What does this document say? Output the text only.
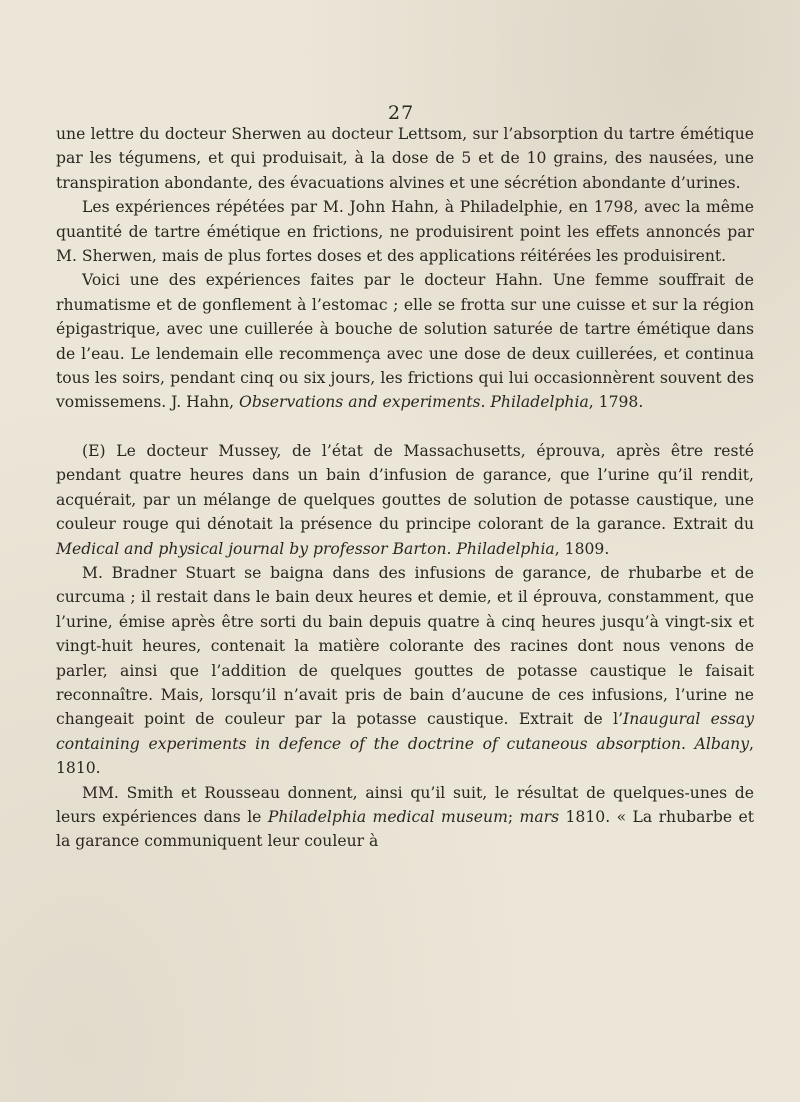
27

une lettre du docteur Sherwen au docteur Lettsom, sur l’absorption du tartre émétique par les tégumens, et qui produisait, à la dose de 5 et de 10 grains, des nausées, une transpiration abondante, des évacuations alvines et une sécrétion abondante d’urines.

Les expériences répétées par M. John Hahn, à Philadelphie, en 1798, avec la même quantité de tartre émétique en frictions, ne produisirent point les effets annoncés par M. Sherwen, mais de plus fortes doses et des applications réitérées les produisirent.

Voici une des expériences faites par le docteur Hahn. Une femme souffrait de rhumatisme et de gonflement à l’estomac ; elle se frotta sur une cuisse et sur la région épigastrique, avec une cuillerée à bouche de solution saturée de tartre émétique dans de l’eau. Le lendemain elle recommença avec une dose de deux cuillerées, et continua tous les soirs, pendant cinq ou six jours, les frictions qui lui occasionnèrent souvent des vomissemens. J. Hahn, Observations and experiments. Philadelphia, 1798.

(E) Le docteur Mussey, de l’état de Massachusetts, éprouva, après être resté pendant quatre heures dans un bain d’infusion de garance, que l’urine qu’il rendit, acquérait, par un mélange de quelques gouttes de solution de potasse caustique, une couleur rouge qui dénotait la présence du principe colorant de la garance. Extrait du Medical and physical journal by professor Barton. Philadelphia, 1809.

M. Bradner Stuart se baigna dans des infusions de garance, de rhubarbe et de curcuma ; il restait dans le bain deux heures et demie, et il éprouva, constamment, que l’urine, émise après être sorti du bain depuis quatre à cinq heures jusqu’à vingt-six et vingt-huit heures, contenait la matière colorante des racines dont nous venons de parler, ainsi que l’addition de quelques gouttes de potasse caustique le faisait reconnaître. Mais, lorsqu’il n’avait pris de bain d’aucune de ces infusions, l’urine ne changeait point de couleur par la potasse caustique. Extrait de l’Inaugural essay containing experiments in defence of the doctrine of cutaneous absorption. Albany, 1810.

MM. Smith et Rousseau donnent, ainsi qu’il suit, le résultat de quelques-unes de leurs expériences dans le Philadelphia medical museum; mars 1810. « La rhubarbe et la garance communiquent leur couleur à
